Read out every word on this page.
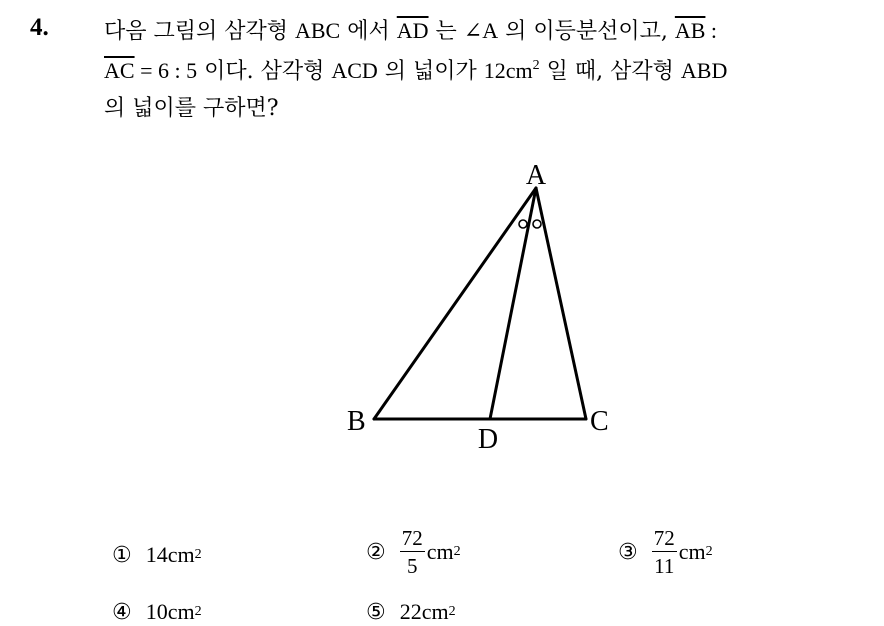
4.	다음 그림의 삼각형 ABC 에서 $\overline{AD}$ 는 ∠A 의 이등분선이고, $\overline{AB}$ :
$\overline{AC} = 6$ : 5 이다. 삼각형 ACD 의 넓이가 $12cm^2$ 일 때, 삼각형 ABD
의 넓이를 구하면?
A
B	C
D
① 14cm 2	② $\frac{72}{5}$ cm 2	③ $\frac{72}{11}$ cm 2
④ 10cm 2	⑤ 22cm 2
